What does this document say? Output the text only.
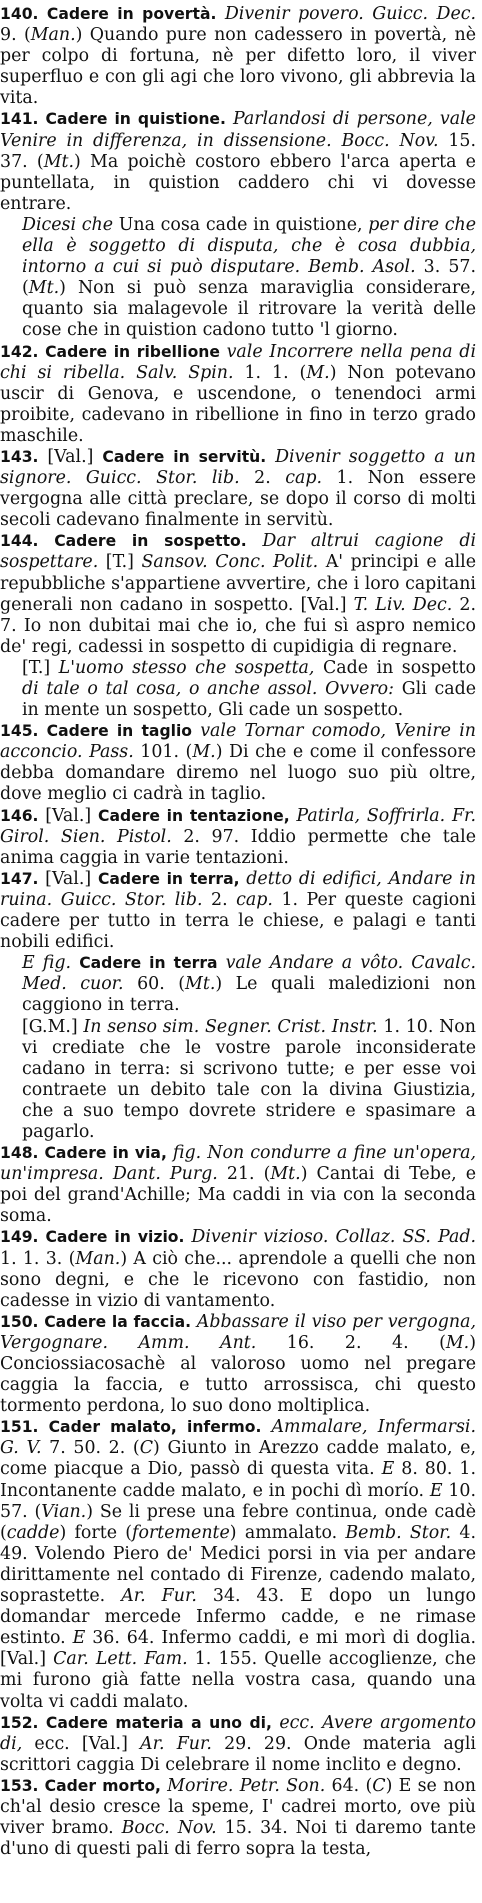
140. Cadere in povertà. Divenir povero. Guicc. Dec. 9. (Man.) Quando pure non cadessero in povertà, nè per colpo di fortuna, nè per difetto loro, il viver superfluo e con gli agi che loro vivono, gli abbrevia la vita.

141. Cadere in quistione. Parlandosi di persone, vale Venire in differenza, in dissensione. Bocc. Nov. 15. 37. (Mt.) Ma poichè costoro ebbero l'arca aperta e puntellata, in quistion caddero chi vi dovesse entrare.

Dicesi che Una cosa cade in quistione, per dire che ella è soggetto di disputa, che è cosa dubbia, intorno a cui si può disputare. Bemb. Asol. 3. 57. (Mt.) Non si può senza maraviglia considerare, quanto sia malagevole il ritrovare la verità delle cose che in quistion cadono tutto 'l giorno.

142. Cadere in ribellione vale Incorrere nella pena di chi si ribella. Salv. Spin. 1. 1. (M.) Non potevano uscir di Genova, e uscendone, o tenendoci armi proibite, cadevano in ribellione in fino in terzo grado maschile.

143. [Val.] Cadere in servitù. Divenir soggetto a un signore. Guicc. Stor. lib. 2. cap. 1. Non essere vergogna alle città preclare, se dopo il corso di molti secoli cadevano finalmente in servitù.

144. Cadere in sospetto. Dar altrui cagione di sospettare. [T.] Sansov. Conc. Polit. A' principi e alle repubbliche s'appartiene avvertire, che i loro capitani generali non cadano in sospetto. [Val.] T. Liv. Dec. 2. 7. Io non dubitai mai che io, che fui sì aspro nemico de' regi, cadessi in sospetto di cupidigia di regnare.

[T.] L'uomo stesso che sospetta, Cade in sospetto di tale o tal cosa, o anche assol. Ovvero: Gli cade in mente un sospetto, Gli cade un sospetto.

145. Cadere in taglio vale Tornar comodo, Venire in acconcio. Pass. 101. (M.) Di che e come il confessore debba domandare diremo nel luogo suo più oltre, dove meglio ci cadrà in taglio.

146. [Val.] Cadere in tentazione, Patirla, Soffrirla. Fr. Girol. Sien. Pistol. 2. 97. Iddio permette che tale anima caggia in varie tentazioni.

147. [Val.] Cadere in terra, detto di edifici, Andare in ruina. Guicc. Stor. lib. 2. cap. 1. Per queste cagioni cadere per tutto in terra le chiese, e palagi e tanti nobili edifici.

E fig. Cadere in terra vale Andare a vôto. Cavalc. Med. cuor. 60. (Mt.) Le quali maledizioni non caggiono in terra.

[G.M.] In senso sim. Segner. Crist. Instr. 1. 10. Non vi crediate che le vostre parole inconsiderate cadano in terra: si scrivono tutte; e per esse voi contraete un debito tale con la divina Giustizia, che a suo tempo dovrete stridere e spasimare a pagarlo.

148. Cadere in via, fig. Non condurre a fine un'opera, un'impresa. Dant. Purg. 21. (Mt.) Cantai di Tebe, e poi del grand'Achille; Ma caddi in via con la seconda soma.

149. Cadere in vizio. Divenir vizioso. Collaz. SS. Pad. 1. 1. 3. (Man.) A ciò che... aprendole a quelli che non sono degni, e che le ricevono con fastidio, non cadesse in vizio di vantamento.

150. Cadere la faccia. Abbassare il viso per vergogna, Vergognare. Amm. Ant. 16. 2. 4. (M.) Conciossiacosachè al valoroso uomo nel pregare caggia la faccia, e tutto arrossisca, chi questo tormento perdona, lo suo dono moltiplica.

151. Cader malato, infermo. Ammalare, Infermarsi. G. V. 7. 50. 2. (C) Giunto in Arezzo cadde malato, e, come piacque a Dio, passò di questa vita. E 8. 80. 1. Incontanente cadde malato, e in pochi dì morío. E 10. 57. (Vian.) Se li prese una febre continua, onde cadè (cadde) forte (fortemente) ammalato. Bemb. Stor. 4. 49. Volendo Piero de' Medici porsi in via per andare dirittamente nel contado di Firenze, cadendo malato, soprastette. Ar. Fur. 34. 43. E dopo un lungo domandar mercede Infermo cadde, e ne rimase estinto. E 36. 64. Infermo caddi, e mi morì di doglia. [Val.] Car. Lett. Fam. 1. 155. Quelle accoglienze, che mi furono già fatte nella vostra casa, quando una volta vi caddi malato.

152. Cadere materia a uno di, ecc. Avere argomento di, ecc. [Val.] Ar. Fur. 29. 29. Onde materia agli scrittori caggia Di celebrare il nome inclito e degno.

153. Cader morto, Morire. Petr. Son. 64. (C) E se non ch'al desio cresce la speme, I' cadrei morto, ove più viver bramo. Bocc. Nov. 15. 34. Noi ti daremo tante d'uno di questi pali di ferro sopra la testa,
